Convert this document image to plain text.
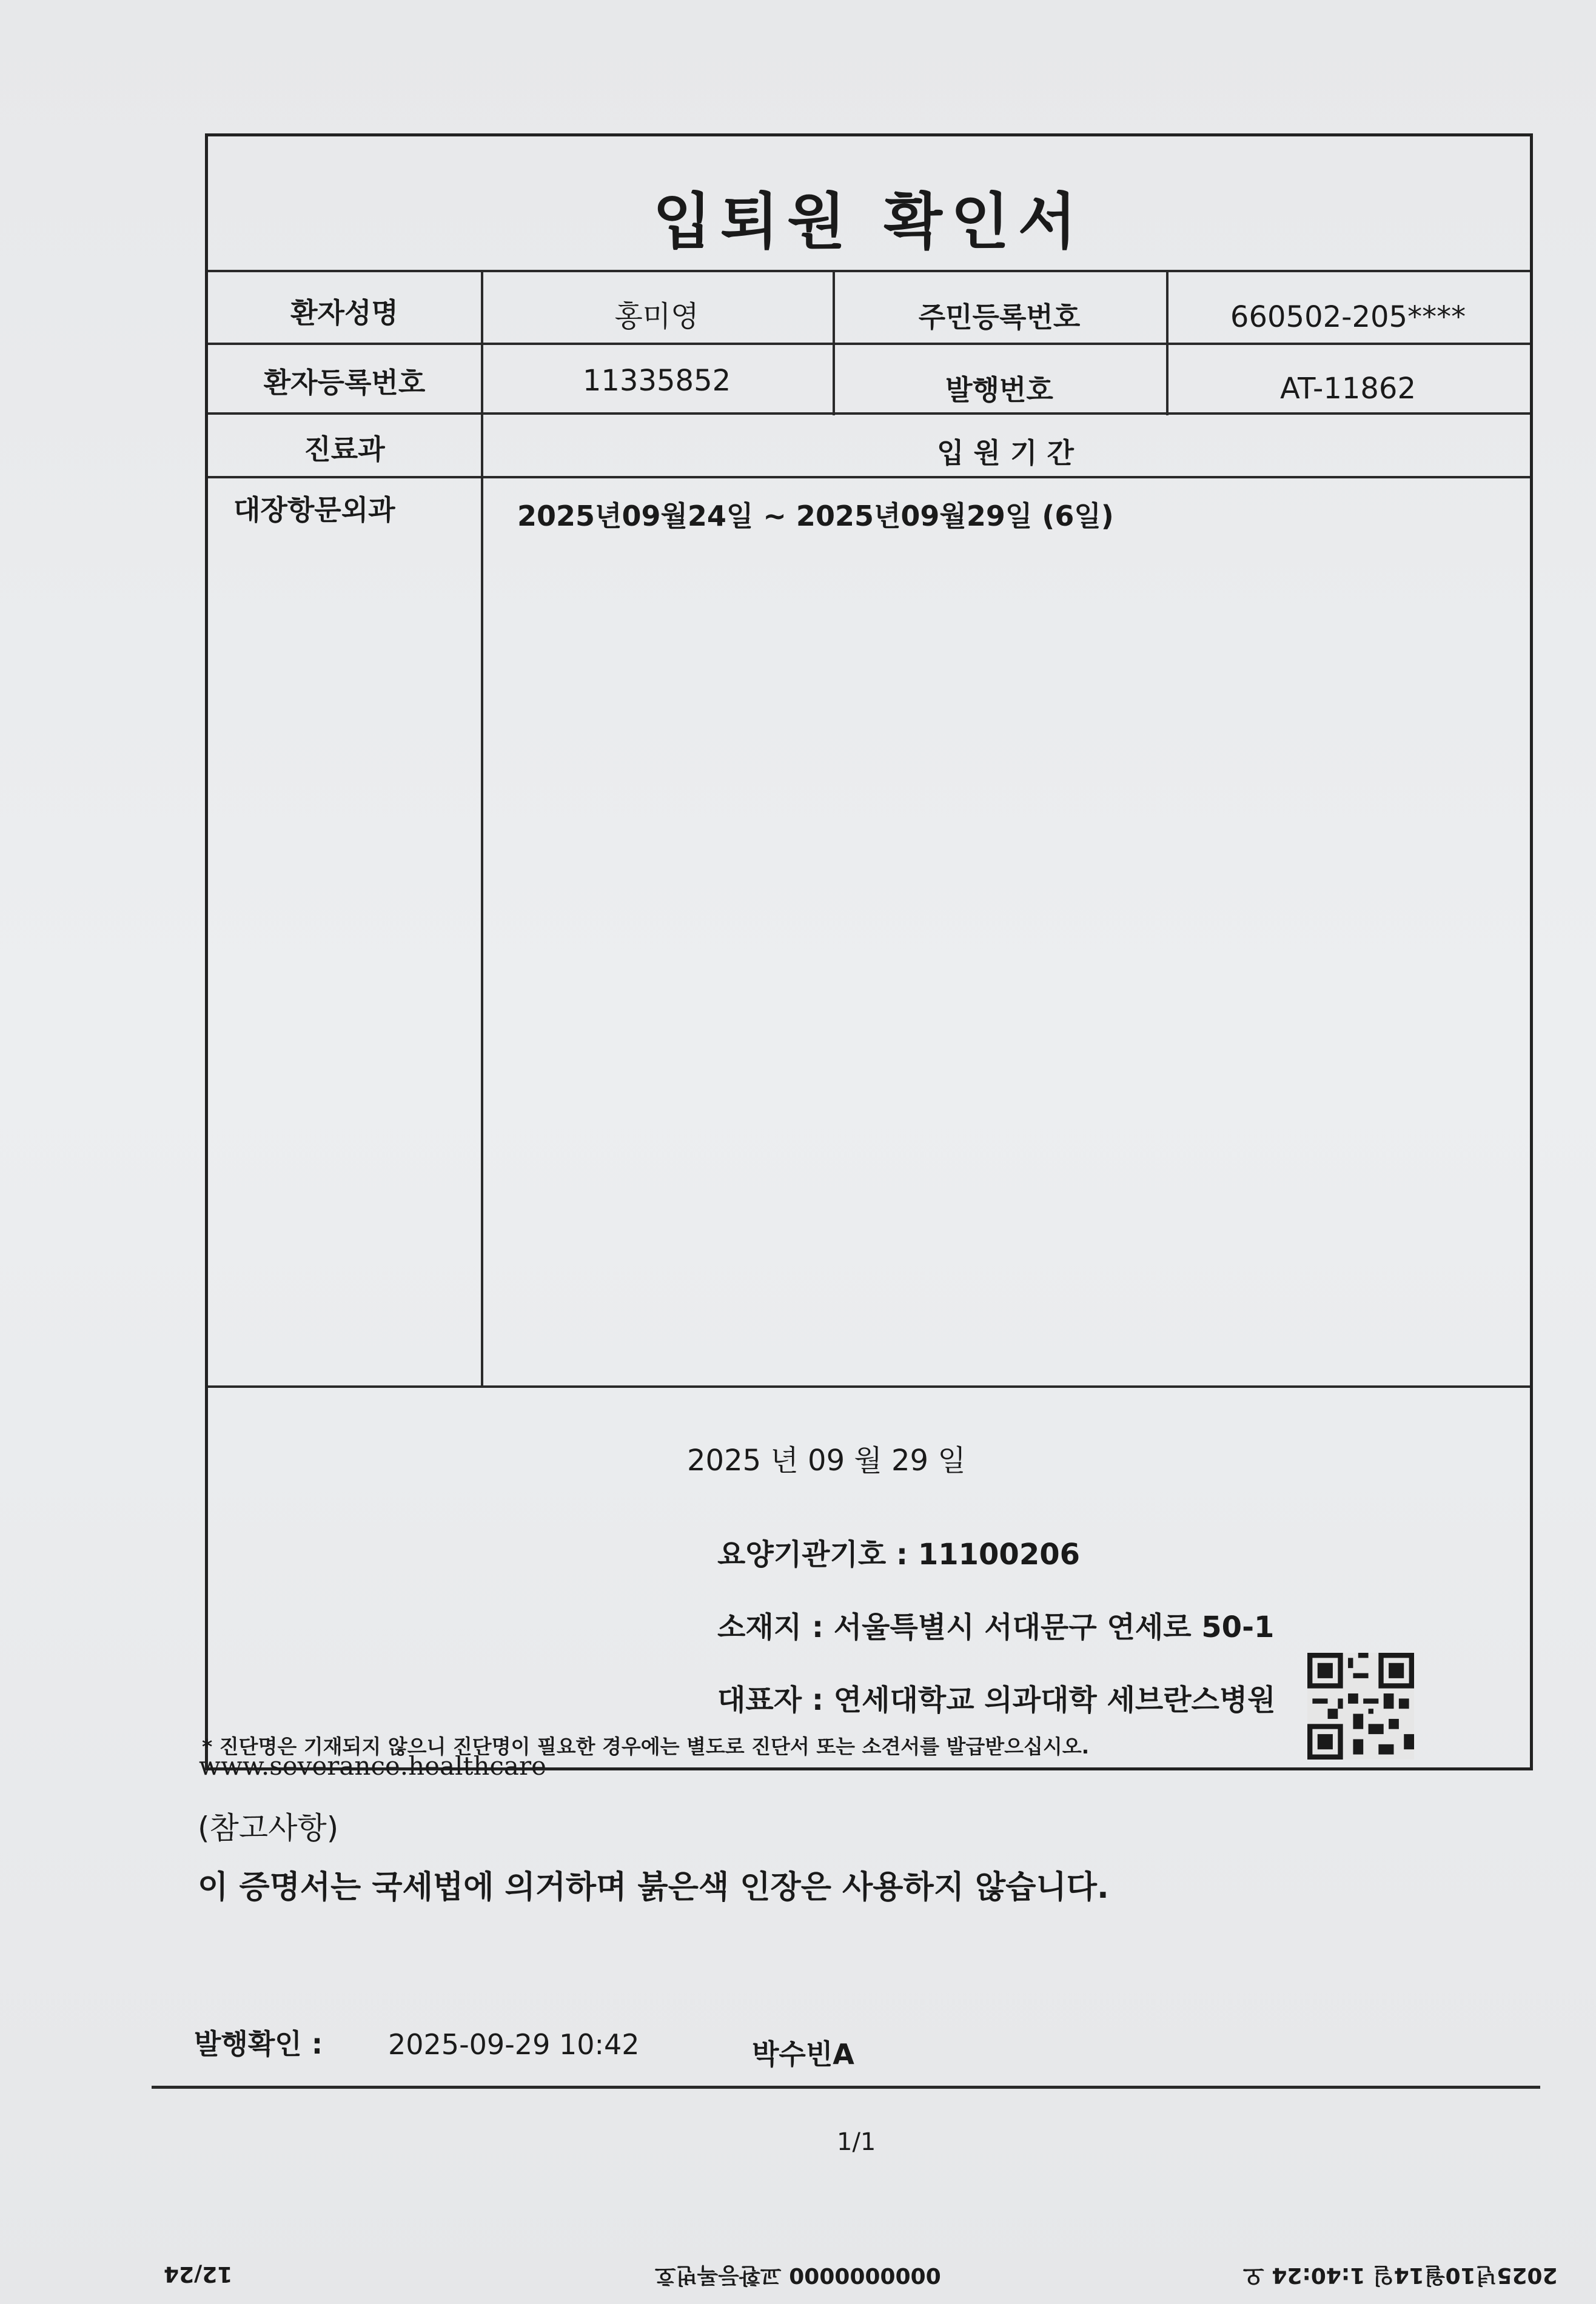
입퇴원 확인서
환자성명	홍미영	주민등록번호	660502-205****
환자등록번호	11335852	발행번호	AT-11862
진료과	입 원 기 간
대장항문외과	2025년09월24일 ~ 2025년09월29일 (6일)
2025 년 09 월 29 일
요양기관기호 : 11100206
소재지 : 서울특별시 서대문구 연세로 50-1
대표자 : 연세대학교 의과대학 세브란스병원
* 진단명은 기재되지 않으니 진단명이 필요한 경우에는 별도로 진단서 또는 소견서를 발급받으십시오.
www.severance.healthcare
(참고사항)
이 증명서는 국세법에 의거하며 붉은색 인장은 사용하지 않습니다.
발행확인 : 2025-09-29 10:42	박수빈A
1/1
12/24	0000000000 교환등록번호	2025년10월14일 1:40:24 오
